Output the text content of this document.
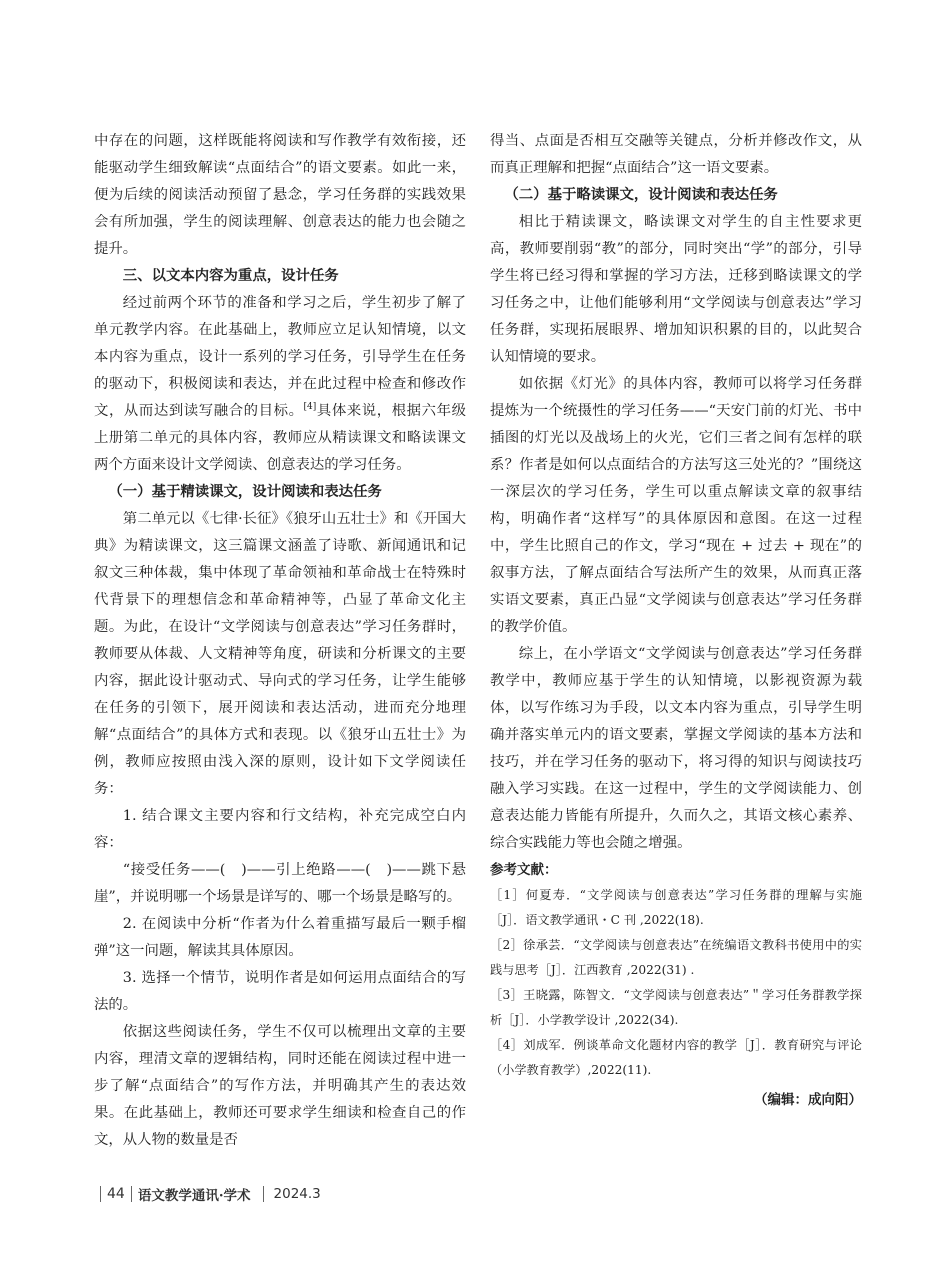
中存在的问题，这样既能将阅读和写作教学有效衔接，还能驱动学生细致解读“点面结合”的语文要素。如此一来，便为后续的阅读活动预留了悬念，学习任务群的实践效果会有所加强，学生的阅读理解、创意表达的能力也会随之提升。

三、以文本内容为重点，设计任务

经过前两个环节的准备和学习之后，学生初步了解了单元教学内容。在此基础上，教师应立足认知情境，以文本内容为重点，设计一系列的学习任务，引导学生在任务的驱动下，积极阅读和表达，并在此过程中检查和修改作文，从而达到读写融合的目标。[4]具体来说，根据六年级上册第二单元的具体内容，教师应从精读课文和略读课文两个方面来设计文学阅读、创意表达的学习任务。

（一）基于精读课文，设计阅读和表达任务

第二单元以《七律·长征》《狼牙山五壮士》和《开国大典》为精读课文，这三篇课文涵盖了诗歌、新闻通讯和记叙文三种体裁，集中体现了革命领袖和革命战士在特殊时代背景下的理想信念和革命精神等，凸显了革命文化主题。为此，在设计“文学阅读与创意表达”学习任务群时，教师要从体裁、人文精神等角度，研读和分析课文的主要内容，据此设计驱动式、导向式的学习任务，让学生能够在任务的引领下，展开阅读和表达活动，进而充分地理解“点面结合”的具体方式和表现。以《狼牙山五壮士》为例，教师应按照由浅入深的原则，设计如下文学阅读任务：

1. 结合课文主要内容和行文结构，补充完成空白内容：

“接受任务——(　)——引上绝路——(　)——跳下悬崖”，并说明哪一个场景是详写的、哪一个场景是略写的。

2. 在阅读中分析“作者为什么着重描写最后一颗手榴弹”这一问题，解读其具体原因。

3. 选择一个情节，说明作者是如何运用点面结合的写法的。

依据这些阅读任务，学生不仅可以梳理出文章的主要内容，理清文章的逻辑结构，同时还能在阅读过程中进一步了解“点面结合”的写作方法，并明确其产生的表达效果。在此基础上，教师还可要求学生细读和检查自己的作文，从人物的数量是否

得当、点面是否相互交融等关键点，分析并修改作文，从而真正理解和把握“点面结合”这一语文要素。

（二）基于略读课文，设计阅读和表达任务

相比于精读课文，略读课文对学生的自主性要求更高，教师要削弱“教”的部分，同时突出“学”的部分，引导学生将已经习得和掌握的学习方法，迁移到略读课文的学习任务之中，让他们能够利用“文学阅读与创意表达”学习任务群，实现拓展眼界、增加知识积累的目的，以此契合认知情境的要求。

如依据《灯光》的具体内容，教师可以将学习任务群提炼为一个统摄性的学习任务——“天安门前的灯光、书中插图的灯光以及战场上的火光，它们三者之间有怎样的联系？作者是如何以点面结合的方法写这三处光的？”围绕这一深层次的学习任务，学生可以重点解读文章的叙事结构，明确作者“这样写”的具体原因和意图。在这一过程中，学生比照自己的作文，学习“现在 + 过去 + 现在”的叙事方法，了解点面结合写法所产生的效果，从而真正落实语文要素，真正凸显“文学阅读与创意表达”学习任务群的教学价值。

综上，在小学语文“文学阅读与创意表达”学习任务群教学中，教师应基于学生的认知情境，以影视资源为载体，以写作练习为手段，以文本内容为重点，引导学生明确并落实单元内的语文要素，掌握文学阅读的基本方法和技巧，并在学习任务的驱动下，将习得的知识与阅读技巧融入学习实践。在这一过程中，学生的文学阅读能力、创意表达能力皆能有所提升，久而久之，其语文核心素养、综合实践能力等也会随之增强。

参考文献：
［1］何夏寿．“文学阅读与创意表达”学习任务群的理解与实施［J］．语文教学通讯・C 刊 ,2022(18).
［2］徐承芸．“文学阅读与创意表达”在统编语文教科书使用中的实践与思考［J］．江西教育 ,2022(31) .
［3］王晓露，陈智文．“文学阅读与创意表达”＂学习任务群教学探析［J］．小学教学设计 ,2022(34).
［4］刘成军．例谈革命文化题材内容的教学［J］．教育研究与评论（小学教育教学）,2022(11).
（编辑：成向阳）
44 语文教学通讯·学术 2024.3
